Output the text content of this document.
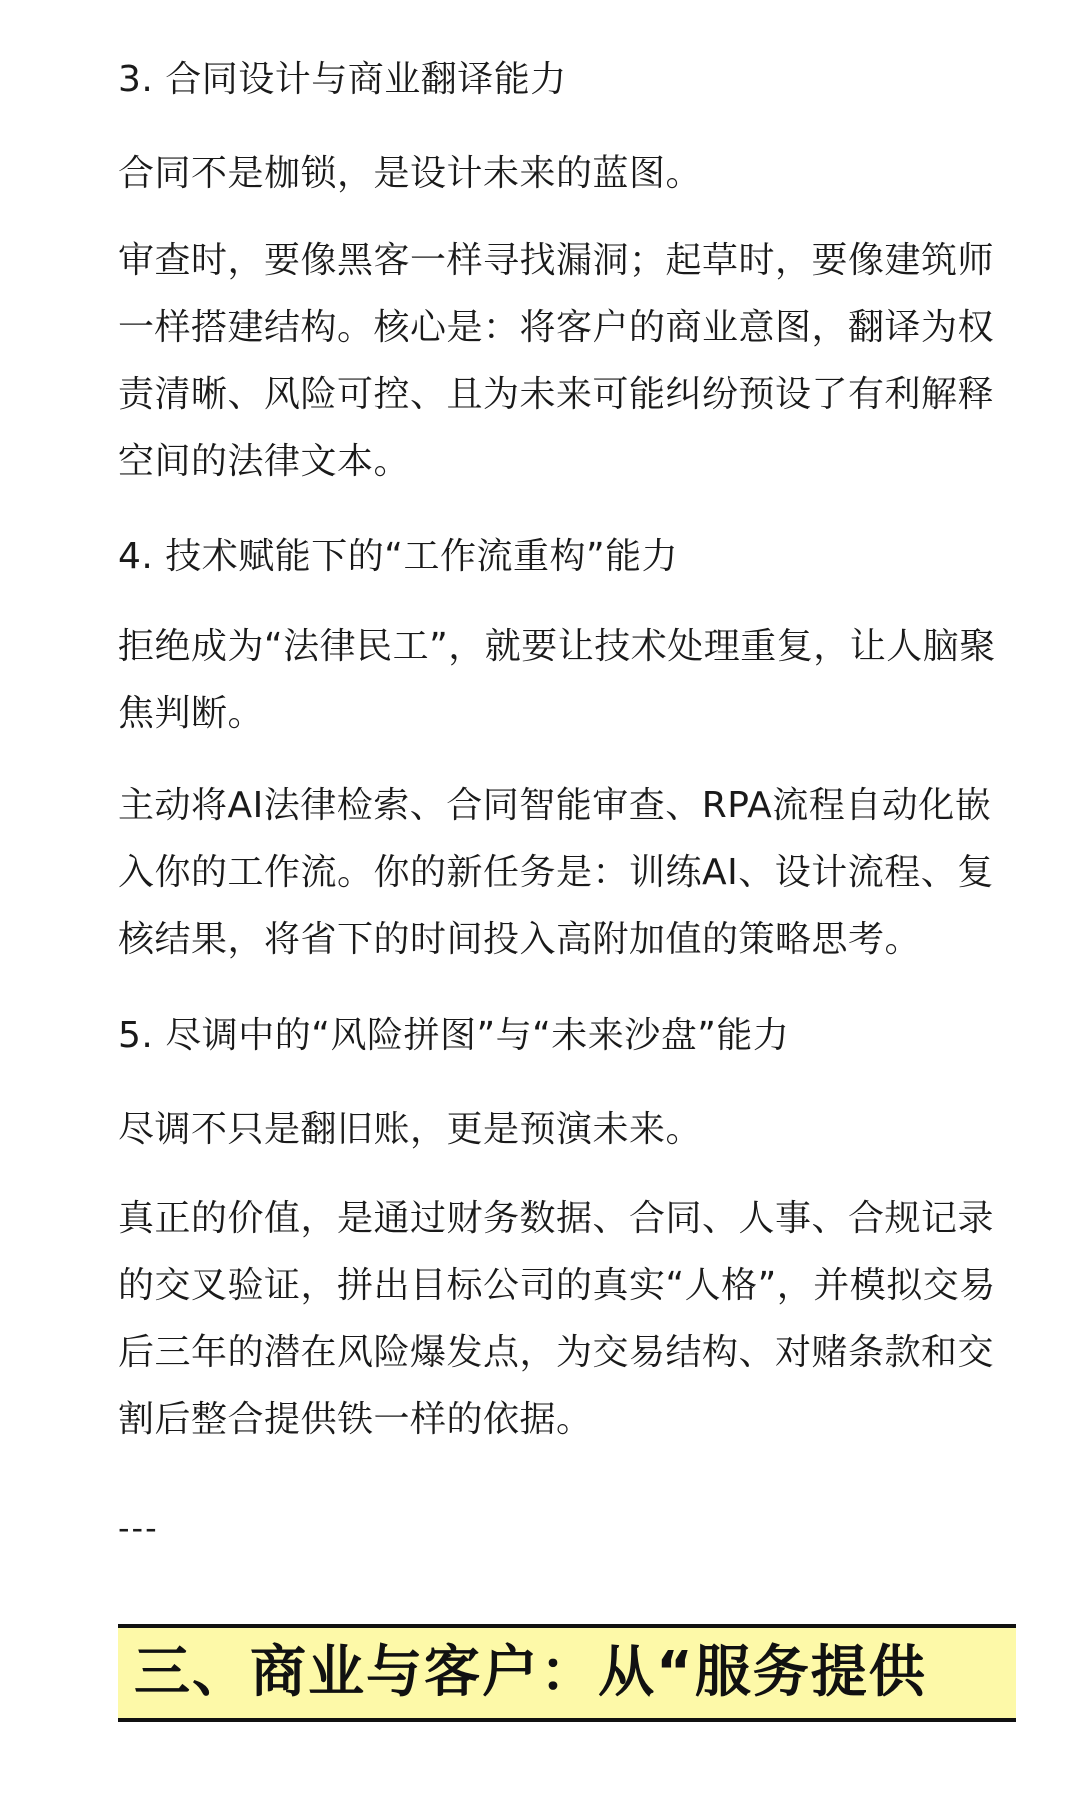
3. 合同设计与商业翻译能力

合同不是枷锁，是设计未来的蓝图。

审查时，要像黑客一样寻找漏洞；起草时，要像建筑师一样搭建结构。核心是：将客户的商业意图，翻译为权责清晰、风险可控、且为未来可能纠纷预设了有利解释空间的法律文本。

4. 技术赋能下的“工作流重构”能力

拒绝成为“法律民工”，就要让技术处理重复，让人脑聚焦判断。

主动将AI法律检索、合同智能审查、RPA流程自动化嵌入你的工作流。你的新任务是：训练AI、设计流程、复核结果，将省下的时间投入高附加值的策略思考。

5. 尽调中的“风险拼图”与“未来沙盘”能力

尽调不只是翻旧账，更是预演未来。

真正的价值，是通过财务数据、合同、人事、合规记录的交叉验证，拼出目标公司的真实“人格”，并模拟交易后三年的潜在风险爆发点，为交易结构、对赌条款和交割后整合提供铁一样的依据。

---
三、商业与客户：从“服务提供
